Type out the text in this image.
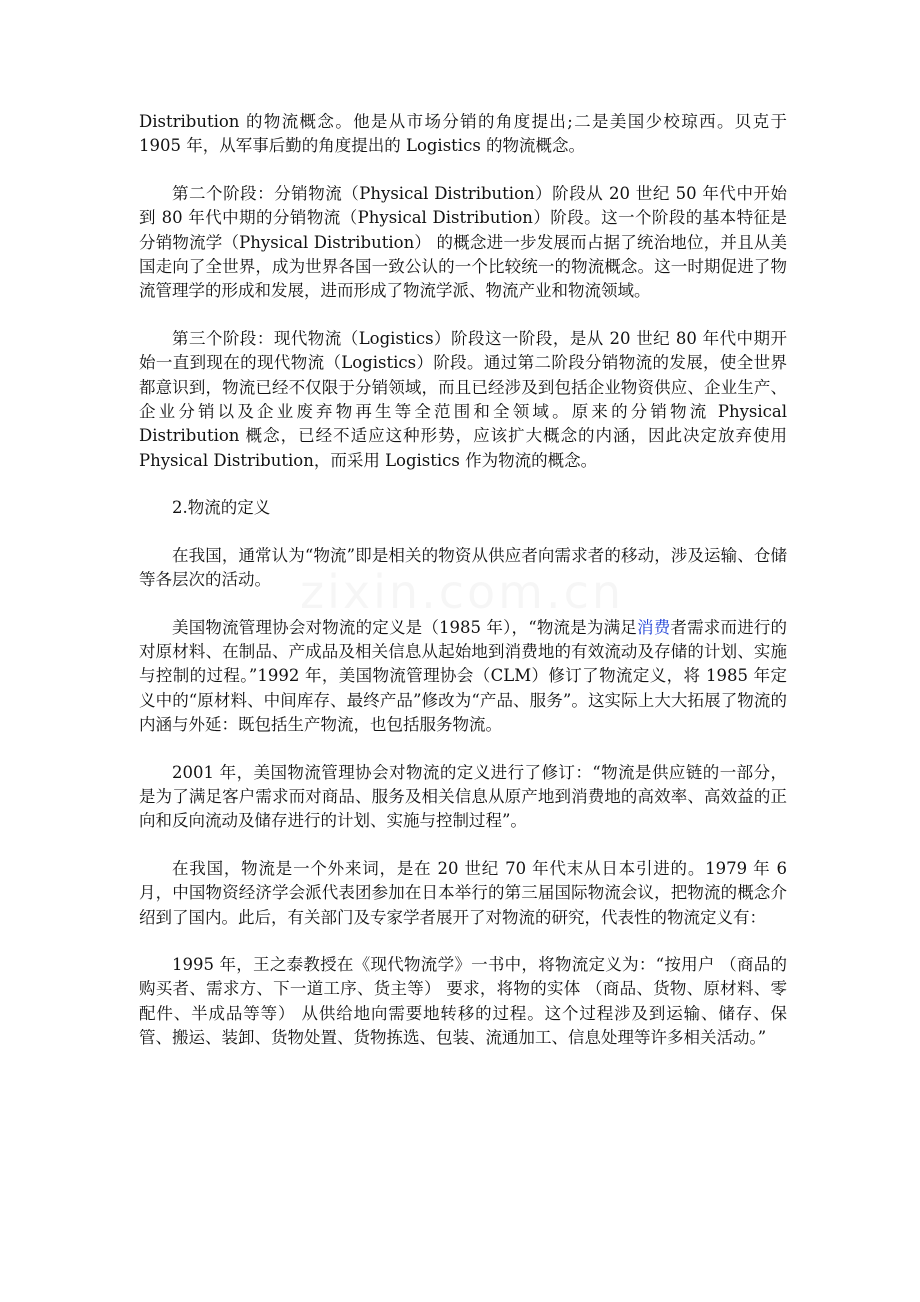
Distribution 的物流概念。他是从市场分销的角度提出;二是美国少校琼西。贝克于 1905 年，从军事后勤的角度提出的 Logistics 的物流概念。

第二个阶段：分销物流（Physical Distribution）阶段从 20 世纪 50 年代中开始到 80 年代中期的分销物流（Physical Distribution）阶段。这一个阶段的基本特征是分销物流学（Physical Distribution） 的概念进一步发展而占据了统治地位，并且从美国走向了全世界，成为世界各国一致公认的一个比较统一的物流概念。这一时期促进了物流管理学的形成和发展，进而形成了物流学派、物流产业和物流领域。

第三个阶段：现代物流（Logistics）阶段这一阶段，是从 20 世纪 80 年代中期开始一直到现在的现代物流（Logistics）阶段。通过第二阶段分销物流的发展，使全世界都意识到，物流已经不仅限于分销领域，而且已经涉及到包括企业物资供应、企业生产、企业分销以及企业废弃物再生等全范围和全领域。原来的分销物流 Physical Distribution 概念，已经不适应这种形势，应该扩大概念的内涵，因此决定放弃使用 Physical Distribution，而采用 Logistics 作为物流的概念。

2.物流的定义

在我国，通常认为“物流”即是相关的物资从供应者向需求者的移动，涉及运输、仓储等各层次的活动。

美国物流管理协会对物流的定义是（1985 年），“物流是为满足消费者需求而进行的对原材料、在制品、产成品及相关信息从起始地到消费地的有效流动及存储的计划、实施与控制的过程。”1992 年，美国物流管理协会（CLM）修订了物流定义，将 1985 年定义中的“原材料、中间库存、最终产品”修改为“产品、服务”。这实际上大大拓展了物流的内涵与外延：既包括生产物流，也包括服务物流。

2001 年，美国物流管理协会对物流的定义进行了修订：“物流是供应链的一部分，是为了满足客户需求而对商品、服务及相关信息从原产地到消费地的高效率、高效益的正向和反向流动及储存进行的计划、实施与控制过程”。

在我国，物流是一个外来词，是在 20 世纪 70 年代末从日本引进的。1979 年 6 月，中国物资经济学会派代表团参加在日本举行的第三届国际物流会议，把物流的概念介绍到了国内。此后，有关部门及专家学者展开了对物流的研究，代表性的物流定义有：

1995 年，王之泰教授在《现代物流学》一书中，将物流定义为：“按用户 （商品的购买者、需求方、下一道工序、货主等） 要求，将物的实体 （商品、货物、原材料、零配件、半成品等等） 从供给地向需要地转移的过程。这个过程涉及到运输、储存、保管、搬运、装卸、货物处置、货物拣选、包装、流通加工、信息处理等许多相关活动。”
